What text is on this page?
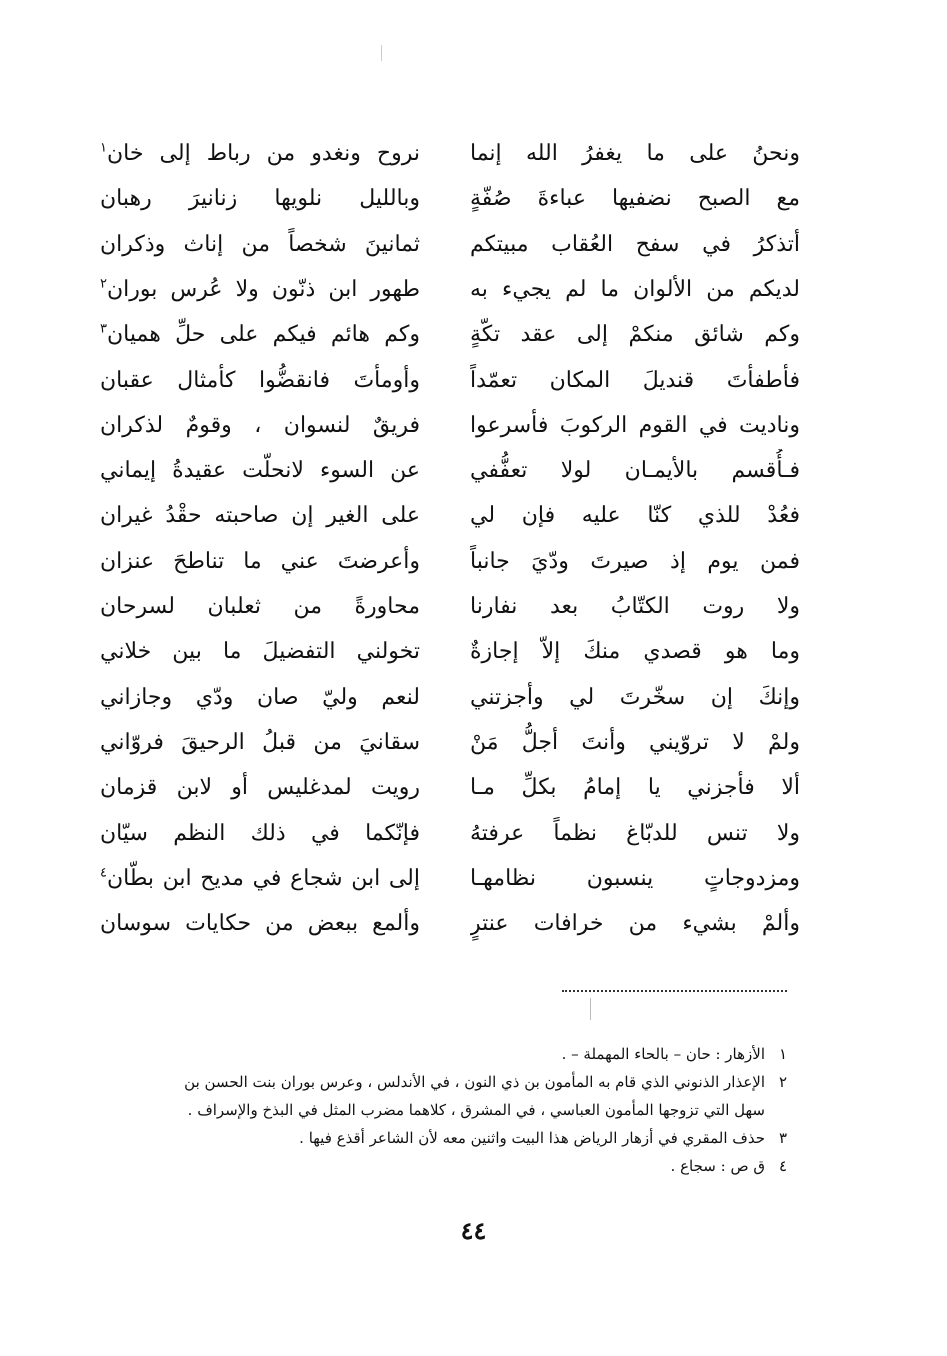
ونحنُ على ما يغفرُ الله إنما
مع الصبح نضفيها عباءةَ صُفّةٍ
أتذكرُ في سفح العُقاب مبيتكم
لديكم من الألوان ما لم يجيء به
وكم شائق منكمْ إلى عقد تكّةٍ
فأطفأتَ قنديلَ المكان تعمّداً
وناديت في القوم الركوبَ فأسرعوا
فـأُقسم بالأيمـان لولا تعفُّفي
فعُدْ للذي كنّا عليه فإن لي
فمن يوم إذ صيرتَ ودّيَ جانباً
ولا روت الكتّابُ بعد نفارنا
وما هو قصدي منكَ إلاّ إجازةٌ
وإنكَ إن سخّرتَ لي وأجزتني
ولمْ لا تروّيني وأنتَ أجلُّ مَنْ
ألا فأجزني يا إمامُ بكلِّ مـا
ولا تنس للدبّاغ نظماً عرفتهُ
ومزدوجاتٍ ينسبون نظامهـا
وألمْ بشيء من خرافات عنترٍ
نروح ونغدو من رباط إلى خان$^١$
وبالليل نلويها زنانيرَ رهبان
ثمانينَ شخصاً من إناث وذكران
طهور ابن ذنّون ولا عُرس بوران$^٢$
وكم هائم فيكم على حلِّ هميان$^٣$
وأومأتَ فانقضُّوا كأمثال عقبان
فريقٌ لنسوان ، وقومٌ لذكران
عن السوء لانحلّت عقيدةُ إيماني
على الغير إن صاحبته حقْدُ غيران
وأعرضتَ عني ما تناطحَ عنزان
محاورةً من ثعلبان لسرحان
تخولني التفضيلَ ما بين خلاني
لنعم وليّ صان ودّي وجازاني
سقانيَ من قبلُ الرحيقَ فروّاني
رويت لمدغليس أو لابن قزمان
فإنّكما في ذلك النظم سيّان
إلى ابن شجاع في مديح ابن بطّان$^٤$
وألمع ببعض من حكايات سوسان
١الأزهار : حان – بالحاء المهملة – .
٢الإعذار الذنوني الذي قام به المأمون بن ذي النون ، في الأندلس ، وعرس بوران بنت الحسن بن
سهل التي تزوجها المأمون العباسي ، في المشرق ، كلاهما مضرب المثل في البذخ والإسراف .
٣حذف المقري في أزهار الرياض هذا البيت واثنين معه لأن الشاعر أقذع فيها .
٤ق ص : سجاع .
٤٤
